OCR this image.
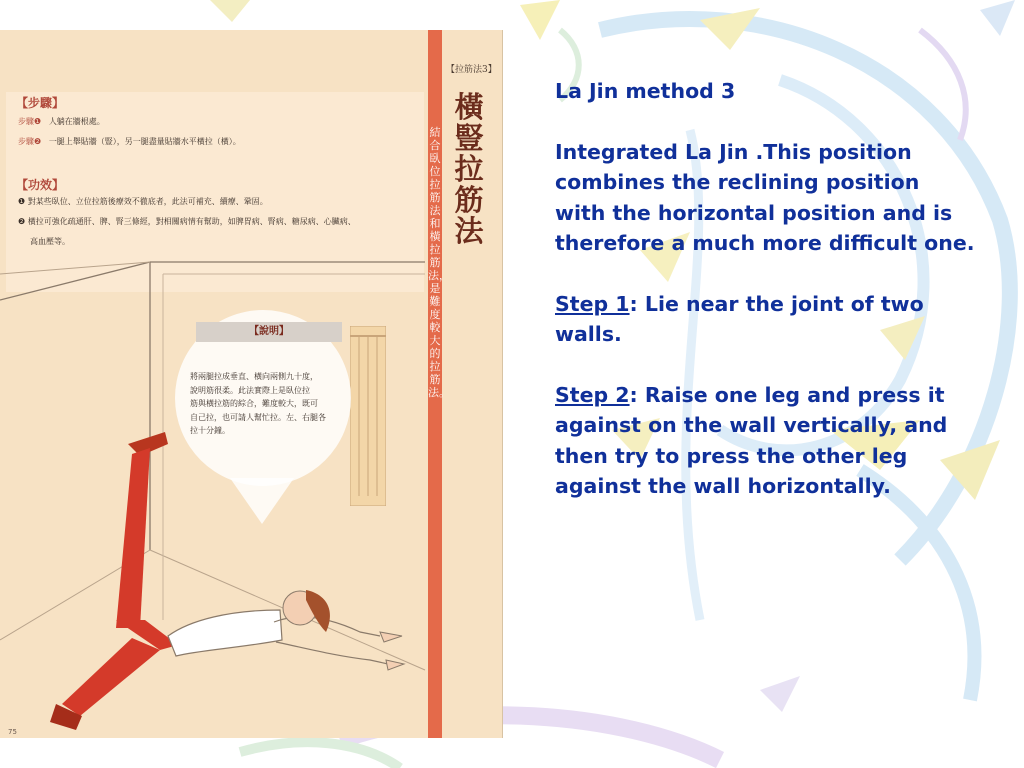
【步驟】
步驟❶ 人躺在牆根處。
步驟❷ 一腿上舉貼牆（豎），另一腿盡量貼牆水平橫拉（橫）。
【功效】
❶ 對某些臥位、立位拉筋後療效不徹底者，此法可補充、續療、鞏固。
❷ 橫拉可強化疏通肝、脾、腎三條經，對相關病情有幫助，如脾胃病、腎病、糖尿病、心臟病、
高血壓等。
【說明】
將兩腿拉成垂直、橫向兩側九十度，
說明筋很柔。此法實際上是臥位拉
筋與橫拉筋的綜合，難度較大，既可
自己拉，也可請人幫忙拉。左、右腿各
拉十分鐘。
【拉筋法3】
橫豎拉筋法
結合臥位拉筋法和橫拉筋法，是難度較大的拉筋法。
75

La Jin method 3

Integrated La Jin .This position combines the reclining position with the horizontal position and is therefore a much more difficult one.

Step 1: Lie near the joint of two walls.

Step 2: Raise one leg and press it against on the wall vertically, and then try to press the other leg against the wall horizontally.
